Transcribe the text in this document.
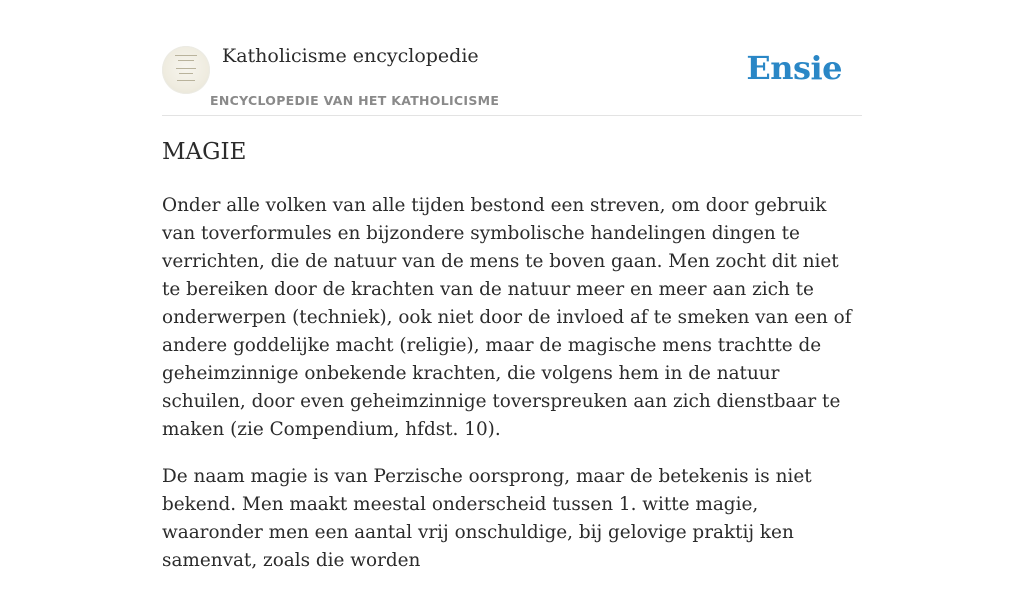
Katholicisme encyclopedie
ENCYCLOPEDIE VAN HET KATHOLICISME
Ensie
MAGIE

Onder alle volken van alle tijden bestond een streven, om door gebruik van toverformules en bijzondere symbolische handelingen dingen te verrichten, die de natuur van de mens te boven gaan. Men zocht dit niet te bereiken door de krachten van de natuur meer en meer aan zich te onderwerpen (techniek), ook niet door de invloed af te smeken van een of andere goddelijke macht (religie), maar de magische mens trachtte de geheimzinnige onbekende krachten, die volgens hem in de natuur schuilen, door even geheimzinnige toverspreuken aan zich dienstbaar te maken (zie Compendium, hfdst. 10).

De naam magie is van Perzische oorsprong, maar de betekenis is niet bekend. Men maakt meestal onderscheid tussen 1. witte magie, waaronder men een aantal vrij onschuldige, bij gelovige praktij ken samenvat, zoals die worden
